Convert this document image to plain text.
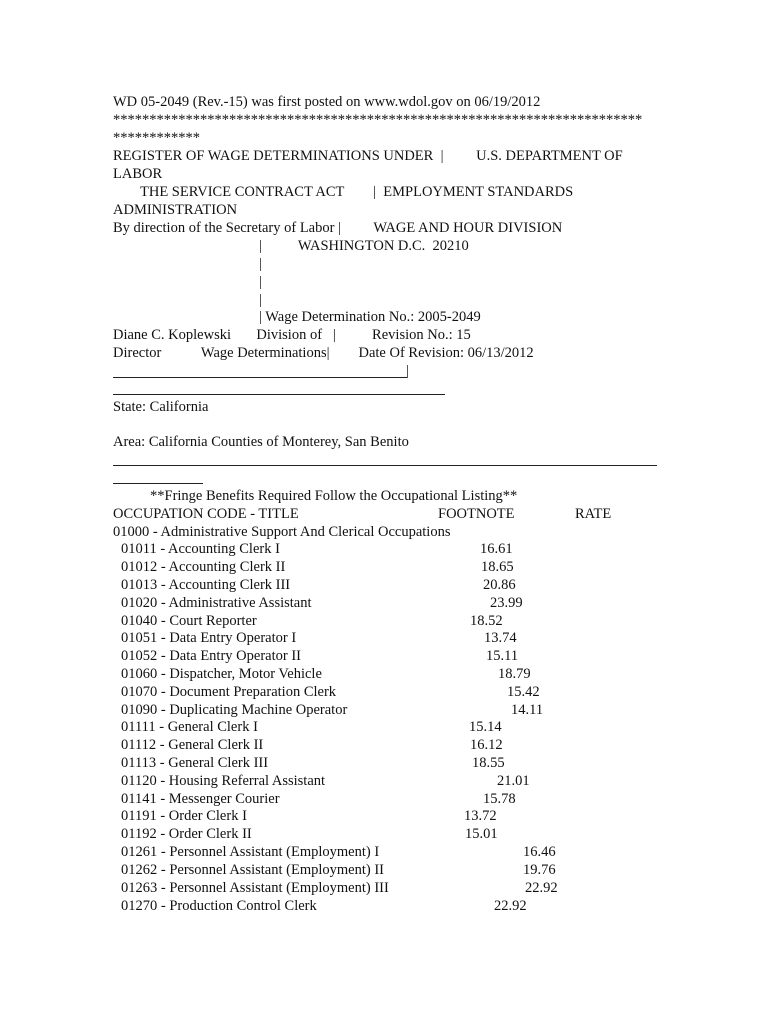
WD 05-2049 (Rev.-15) was first posted on www.wdol.gov on 06/19/2012
*************************************************************************
************
REGISTER OF WAGE DETERMINATIONS UNDER  |         U.S. DEPARTMENT OF
LABOR
THE SERVICE CONTRACT ACT        |  EMPLOYMENT STANDARDS
ADMINISTRATION
By direction of the Secretary of Labor |         WAGE AND HOUR DIVISION
|          WASHINGTON D.C.  20210
|
|
|
| Wage Determination No.: 2005-2049
Diane C. Koplewski       Division of   |          Revision No.: 15
Director           Wage Determinations|        Date Of Revision: 06/13/2012
|
State: California
Area: California Counties of Monterey, San Benito
**Fringe Benefits Required Follow the Occupational Listing**
OCCUPATION CODE - TITLE	FOOTNOTE	RATE
01000 - Administrative Support And Clerical Occupations
01011 - Accounting Clerk I	16.61
01012 - Accounting Clerk II	18.65
01013 - Accounting Clerk III	20.86
01020 - Administrative Assistant	23.99
01040 - Court Reporter	18.52
01051 - Data Entry Operator I	13.74
01052 - Data Entry Operator II	15.11
01060 - Dispatcher, Motor Vehicle	18.79
01070 - Document Preparation Clerk	15.42
01090 - Duplicating Machine Operator	14.11
01111 - General Clerk I	15.14
01112 - General Clerk II	16.12
01113 - General Clerk III	18.55
01120 - Housing Referral Assistant	21.01
01141 - Messenger Courier	15.78
01191 - Order Clerk I	13.72
01192 - Order Clerk II	15.01
01261 - Personnel Assistant (Employment) I	16.46
01262 - Personnel Assistant (Employment) II	19.76
01263 - Personnel Assistant (Employment) III	22.92
01270 - Production Control Clerk	22.92
